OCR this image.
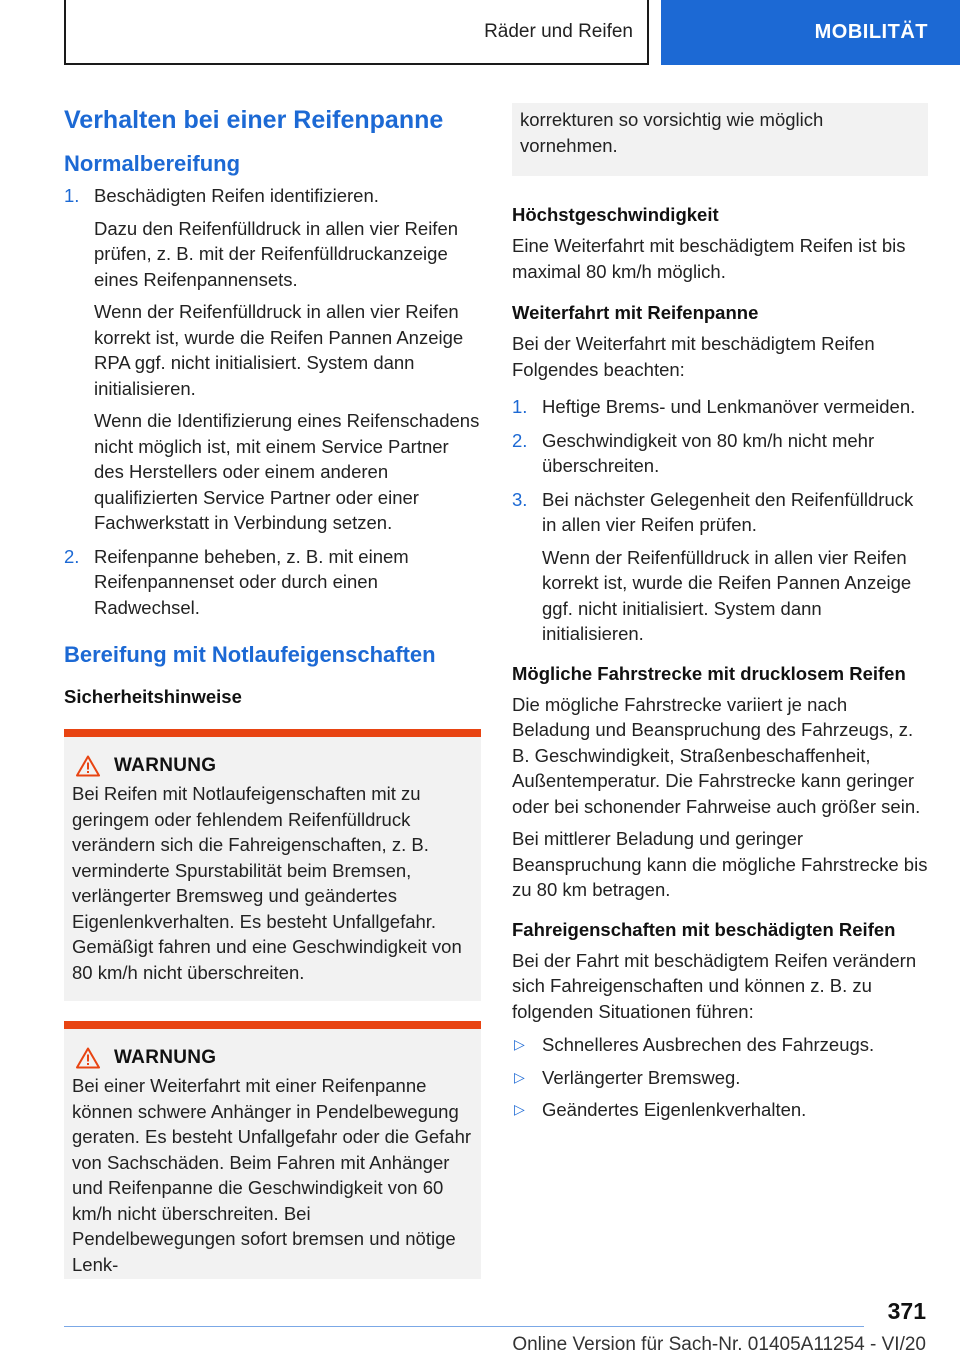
Räder und Reifen	MOBILITÄT
Verhalten bei einer Reifenpanne
Normalbereifung
1. Beschädigten Reifen identifizieren.
Dazu den Reifenfülldruck in allen vier Reifen prüfen, z. B. mit der Reifenfülldruckanzeige eines Reifenpannensets.
Wenn der Reifenfülldruck in allen vier Reifen korrekt ist, wurde die Reifen Pannen Anzeige RPA ggf. nicht initialisiert. System dann initialisieren.
Wenn die Identifizierung eines Reifenschadens nicht möglich ist, mit einem Service Partner des Herstellers oder einem anderen qualifizierten Service Partner oder einer Fachwerkstatt in Verbindung setzen.
2. Reifenpanne beheben, z. B. mit einem Reifenpannenset oder durch einen Radwechsel.
Bereifung mit Notlaufeigenschaften
Sicherheitshinweise
WARNUNG
Bei Reifen mit Notlaufeigenschaften mit zu geringem oder fehlendem Reifenfülldruck verändern sich die Fahreigenschaften, z. B. verminderte Spurstabilität beim Bremsen, verlängerter Bremsweg und geändertes Eigenlenkverhalten. Es besteht Unfallgefahr. Gemäßigt fahren und eine Geschwindigkeit von 80 km/h nicht überschreiten.
WARNUNG
Bei einer Weiterfahrt mit einer Reifenpanne können schwere Anhänger in Pendelbewegung geraten. Es besteht Unfallgefahr oder die Gefahr von Sachschäden. Beim Fahren mit Anhänger und Reifenpanne die Geschwindigkeit von 60 km/h nicht überschreiten. Bei Pendelbewegungen sofort bremsen und nötige Lenk-
korrekturen so vorsichtig wie möglich vornehmen.
Höchstgeschwindigkeit
Eine Weiterfahrt mit beschädigtem Reifen ist bis maximal 80 km/h möglich.
Weiterfahrt mit Reifenpanne
Bei der Weiterfahrt mit beschädigtem Reifen Folgendes beachten:
1. Heftige Brems- und Lenkmanöver vermeiden.
2. Geschwindigkeit von 80 km/h nicht mehr überschreiten.
3. Bei nächster Gelegenheit den Reifenfülldruck in allen vier Reifen prüfen.
Wenn der Reifenfülldruck in allen vier Reifen korrekt ist, wurde die Reifen Pannen Anzeige ggf. nicht initialisiert. System dann initialisieren.
Mögliche Fahrstrecke mit drucklosem Reifen
Die mögliche Fahrstrecke variiert je nach Beladung und Beanspruchung des Fahrzeugs, z. B. Geschwindigkeit, Straßenbeschaffenheit, Außentemperatur. Die Fahrstrecke kann geringer oder bei schonender Fahrweise auch größer sein.
Bei mittlerer Beladung und geringer Beanspruchung kann die mögliche Fahrstrecke bis zu 80 km betragen.
Fahreigenschaften mit beschädigten Reifen
Bei der Fahrt mit beschädigtem Reifen verändern sich Fahreigenschaften und können z. B. zu folgenden Situationen führen:
▷ Schnelleres Ausbrechen des Fahrzeugs.
▷ Verlängerter Bremsweg.
▷ Geändertes Eigenlenkverhalten.
371
Online Version für Sach-Nr. 01405A11254 - VI/20
